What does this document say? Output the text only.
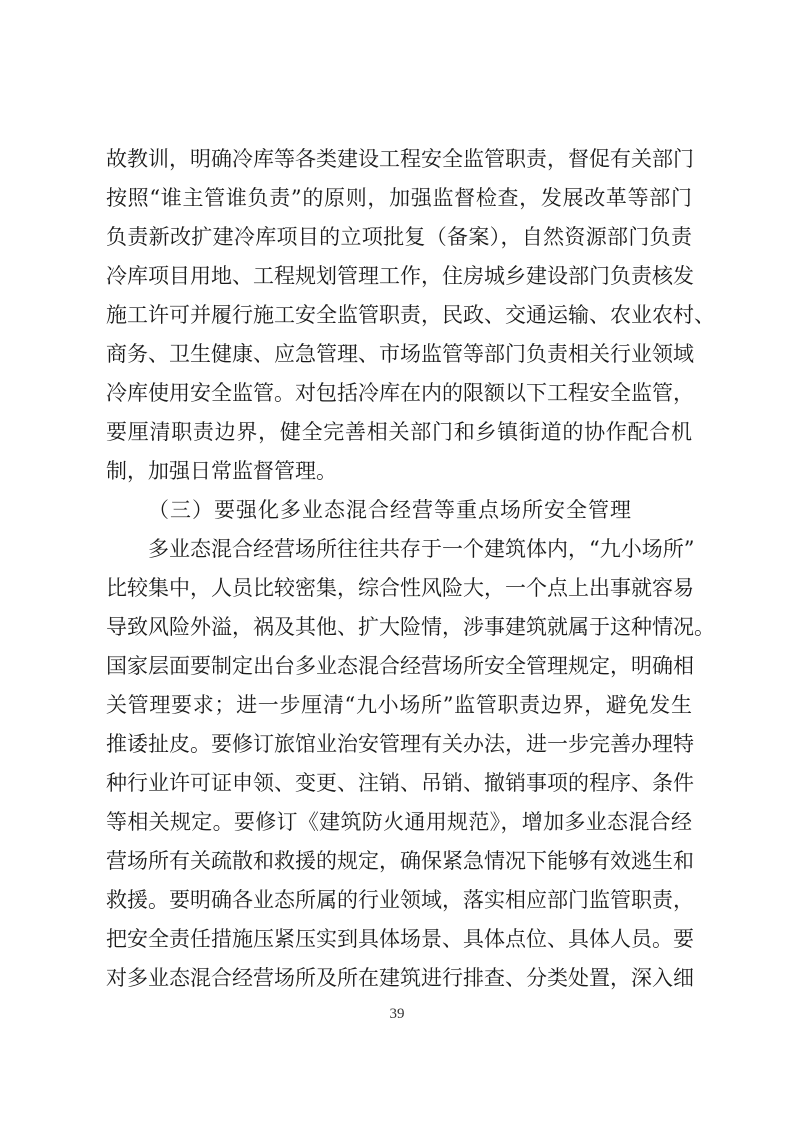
故教训，明确冷库等各类建设工程安全监管职责，督促有关部门
按照“谁主管谁负责”的原则，加强监督检查，发展改革等部门
负责新改扩建冷库项目的立项批复（备案），自然资源部门负责
冷库项目用地、工程规划管理工作，住房城乡建设部门负责核发
施工许可并履行施工安全监管职责，民政、交通运输、农业农村、
商务、卫生健康、应急管理、市场监管等部门负责相关行业领域
冷库使用安全监管。对包括冷库在内的限额以下工程安全监管，
要厘清职责边界，健全完善相关部门和乡镇街道的协作配合机
制，加强日常监督管理。
（三）要强化多业态混合经营等重点场所安全管理
多业态混合经营场所往往共存于一个建筑体内，“九小场所”
比较集中，人员比较密集，综合性风险大，一个点上出事就容易
导致风险外溢，祸及其他、扩大险情，涉事建筑就属于这种情况。
国家层面要制定出台多业态混合经营场所安全管理规定，明确相
关管理要求；进一步厘清“九小场所”监管职责边界，避免发生
推诿扯皮。要修订旅馆业治安管理有关办法，进一步完善办理特
种行业许可证申领、变更、注销、吊销、撤销事项的程序、条件
等相关规定。要修订《建筑防火通用规范》，增加多业态混合经
营场所有关疏散和救援的规定，确保紧急情况下能够有效逃生和
救援。要明确各业态所属的行业领域，落实相应部门监管职责，
把安全责任措施压紧压实到具体场景、具体点位、具体人员。要
对多业态混合经营场所及所在建筑进行排查、分类处置，深入细
39
